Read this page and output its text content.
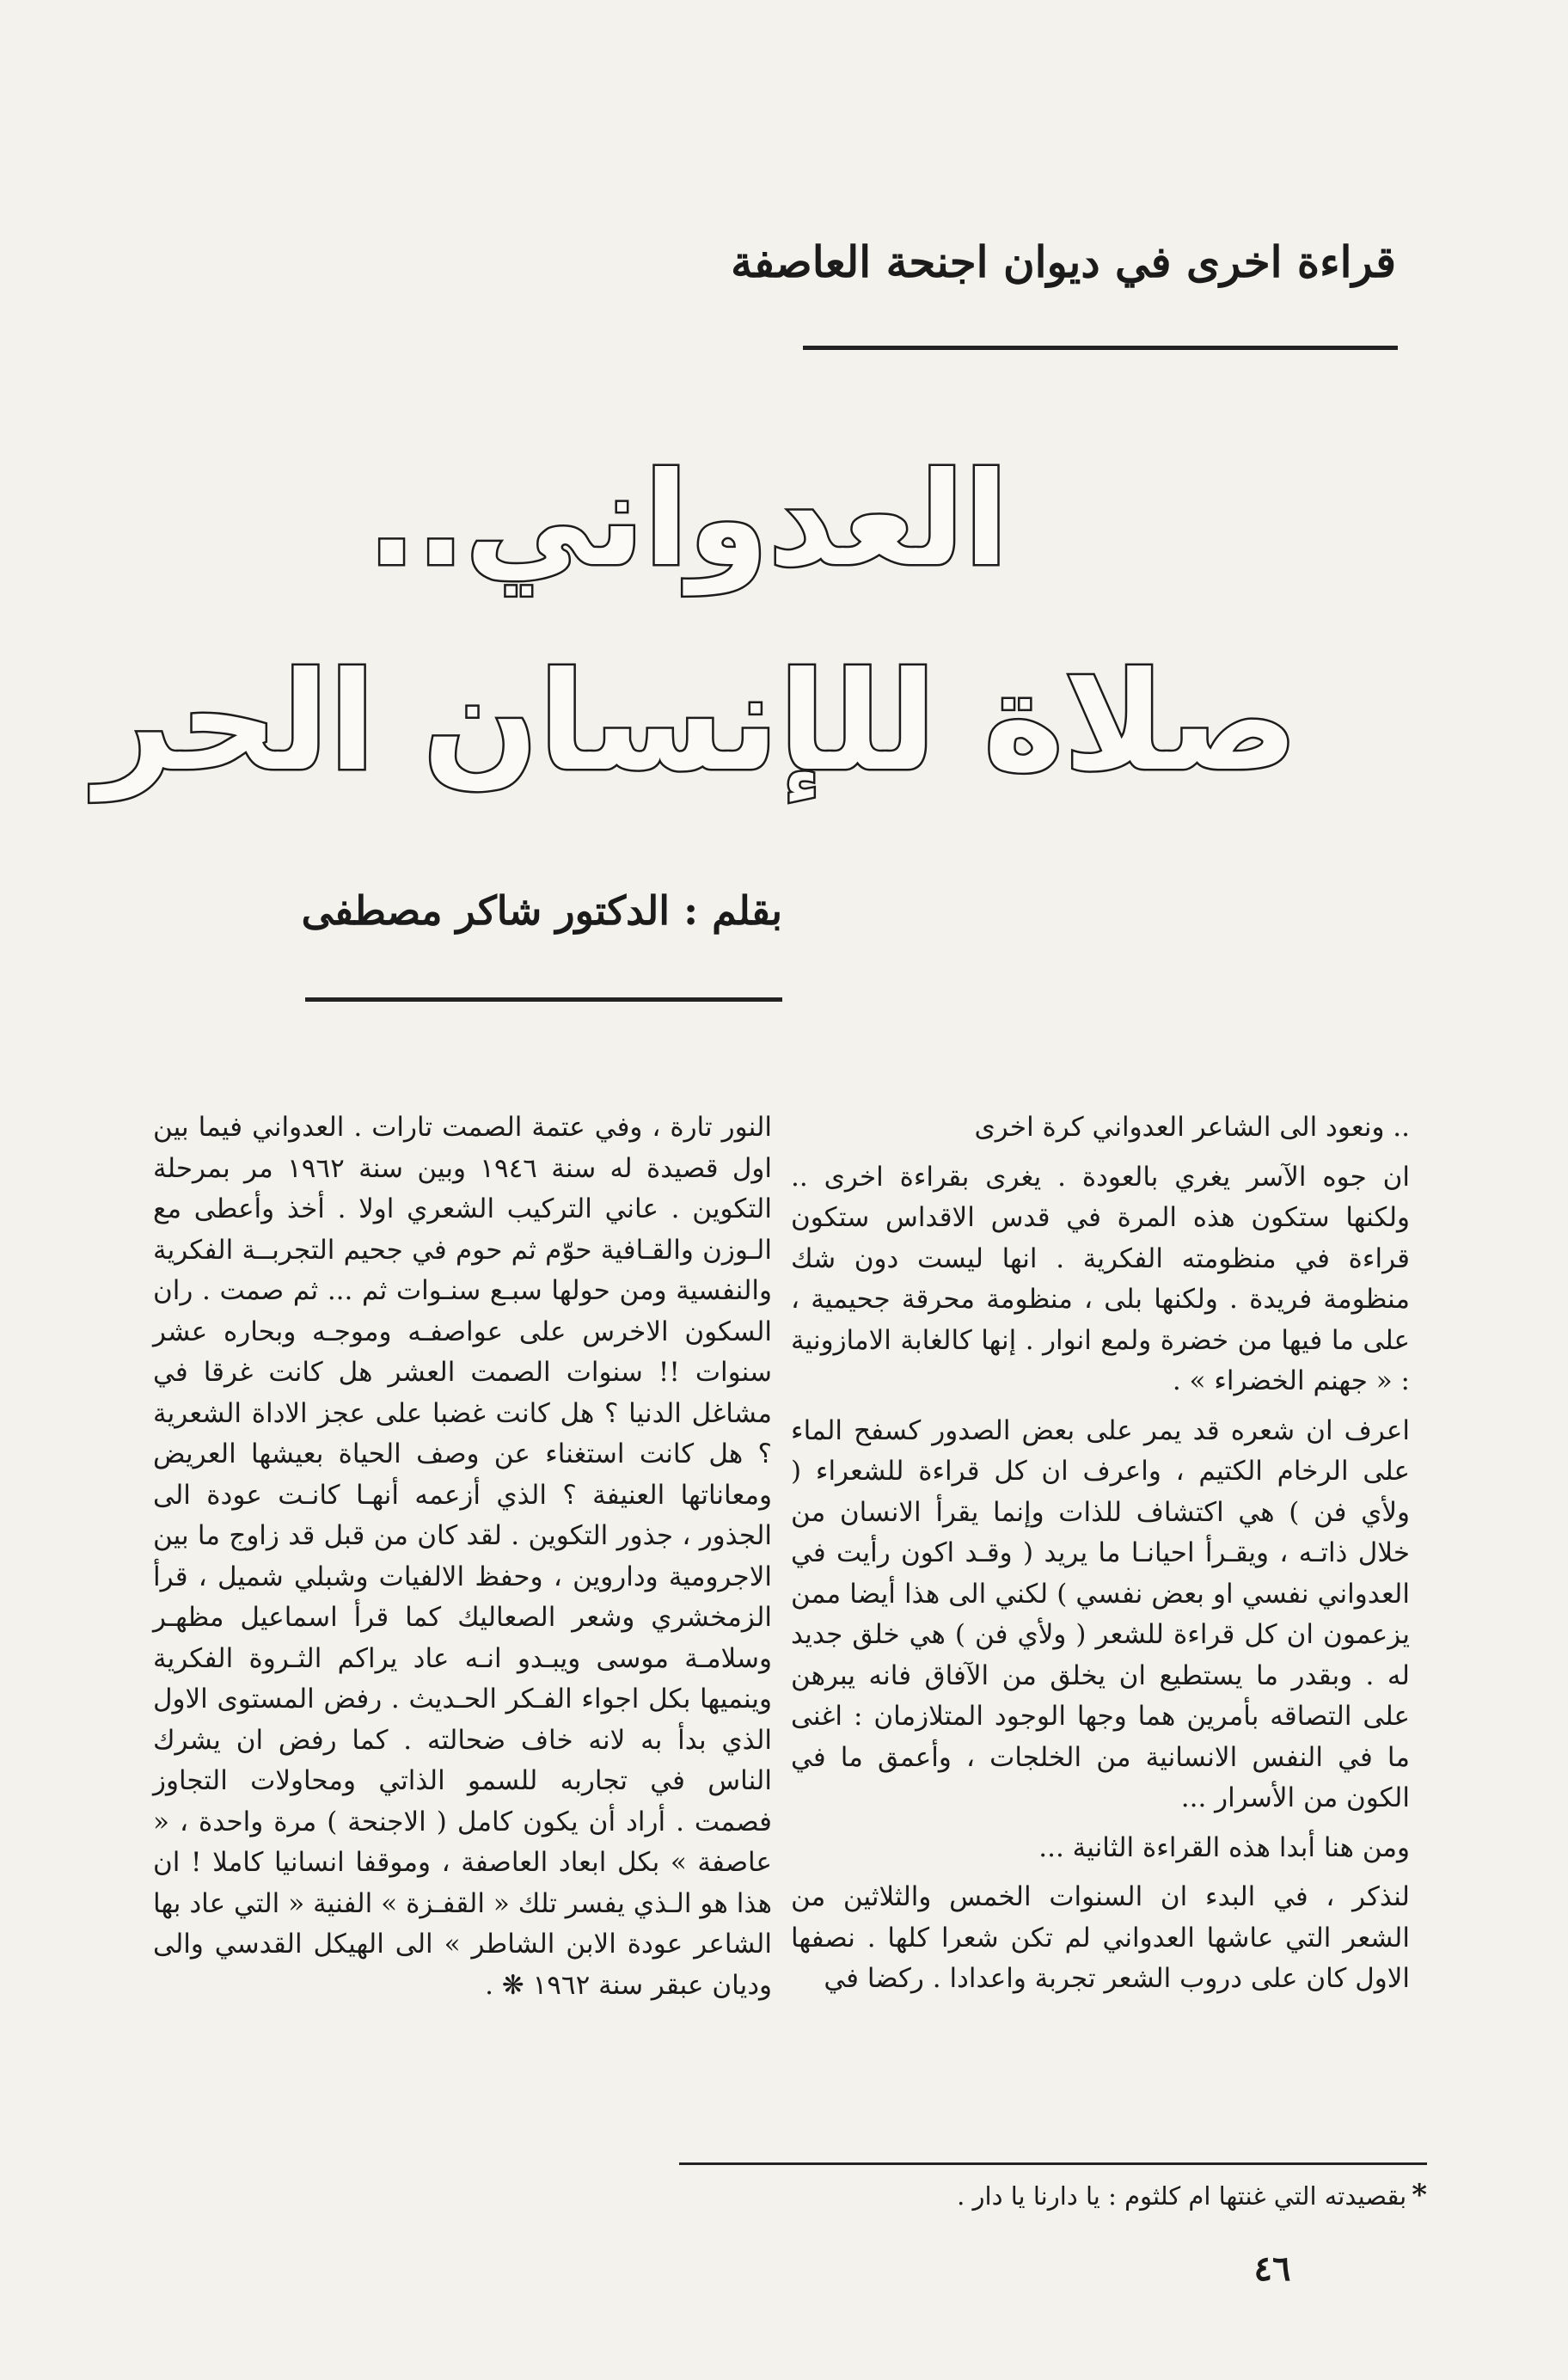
قراءة اخرى في ديوان اجنحة العاصفة
العدواني..
صلاة للإنسان الحر
بقلم : الدكتور شاكر مصطفى

.. ونعود الى الشاعر العدواني كرة اخرى

ان جوه الآسر يغري بالعودة . يغرى بقراءة اخرى .. ولكنها ستكون هذه المرة في قدس الاقداس ستكون قراءة في منظومته الفكرية . انها ليست دون شك منظومة فريدة . ولكنها بلى ، منظومة محرقة جحيمية ، على ما فيها من خضرة ولمع انوار . إنها كالغابة الامازونية : « جهنم الخضراء » .

اعرف ان شعره قد يمر على بعض الصدور كسفح الماء على الرخام الكتيم ، واعرف ان كل قراءة للشعراء ( ولأي فن ) هي اكتشاف للذات وإنما يقرأ الانسان من خلال ذاتـه ، ويقـرأ احيانـا ما يريد ( وقـد اكون رأيت في العدواني نفسي او بعض نفسي ) لكني الى هذا أيضا ممن يزعمون ان كل قراءة للشعر ( ولأي فن ) هي خلق جديد له . وبقدر ما يستطيع ان يخلق من الآفاق فانه يبرهن على التصاقه بأمرين هما وجها الوجود المتلازمان : اغنى ما في النفس الانسانية من الخلجات ، وأعمق ما في الكون من الأسرار ...

ومن هنا أبدا هذه القراءة الثانية ...

لنذكر ، في البدء ان السنوات الخمس والثلاثين من الشعر التي عاشها العدواني لم تكن شعرا كلها . نصفها الاول كان على دروب الشعر تجربة واعدادا . ركضا في

النور تارة ، وفي عتمة الصمت تارات . العدواني فيما بين اول قصيدة له سنة ١٩٤٦ وبين سنة ١٩٦٢ مر بمرحلة التكوين . عاني التركيب الشعري اولا . أخذ وأعطى مع الـوزن والقـافية حوّم ثم حوم في جحيم التجربــة الفكرية والنفسية ومن حولها سبـع سنـوات ثم ... ثم صمت . ران السكون الاخرس على عواصفـه وموجـه وبحاره عشر سنوات !! سنوات الصمت العشر هل كانت غرقا في مشاغل الدنيا ؟ هل كانت غضبا على عجز الاداة الشعرية ؟ هل كانت استغناء عن وصف الحياة بعيشها العريض ومعاناتها العنيفة ؟ الذي أزعمه أنهـا كانـت عودة الى الجذور ، جذور التكوين . لقد كان من قبل قد زاوج ما بين الاجرومية وداروين ، وحفظ الالفيات وشبلي شميل ، قرأ الزمخشري وشعر الصعاليك كما قرأ اسماعيل مظهـر وسلامـة موسى ويبـدو انـه عاد يراكم الثـروة الفكرية وينميها بكل اجواء الفـكر الحـديث . رفض المستوى الاول الذي بدأ به لانه خاف ضحالته . كما رفض ان يشرك الناس في تجاربه للسمو الذاتي ومحاولات التجاوز فصمت . أراد أن يكون كامل ( الاجنحة ) مرة واحدة ، « عاصفة » بكل ابعاد العاصفة ، وموقفا انسانيا كاملا ! ان هذا هو الـذي يفسر تلك « القفـزة » الفنية « التي عاد بها الشاعر عودة الابن الشاطر » الى الهيكل القدسي والى وديان عبقر سنة ١٩٦٢ ❋ .

*بقصيدته التي غنتها ام كلثوم : يا دارنا يا دار .
٤٦
